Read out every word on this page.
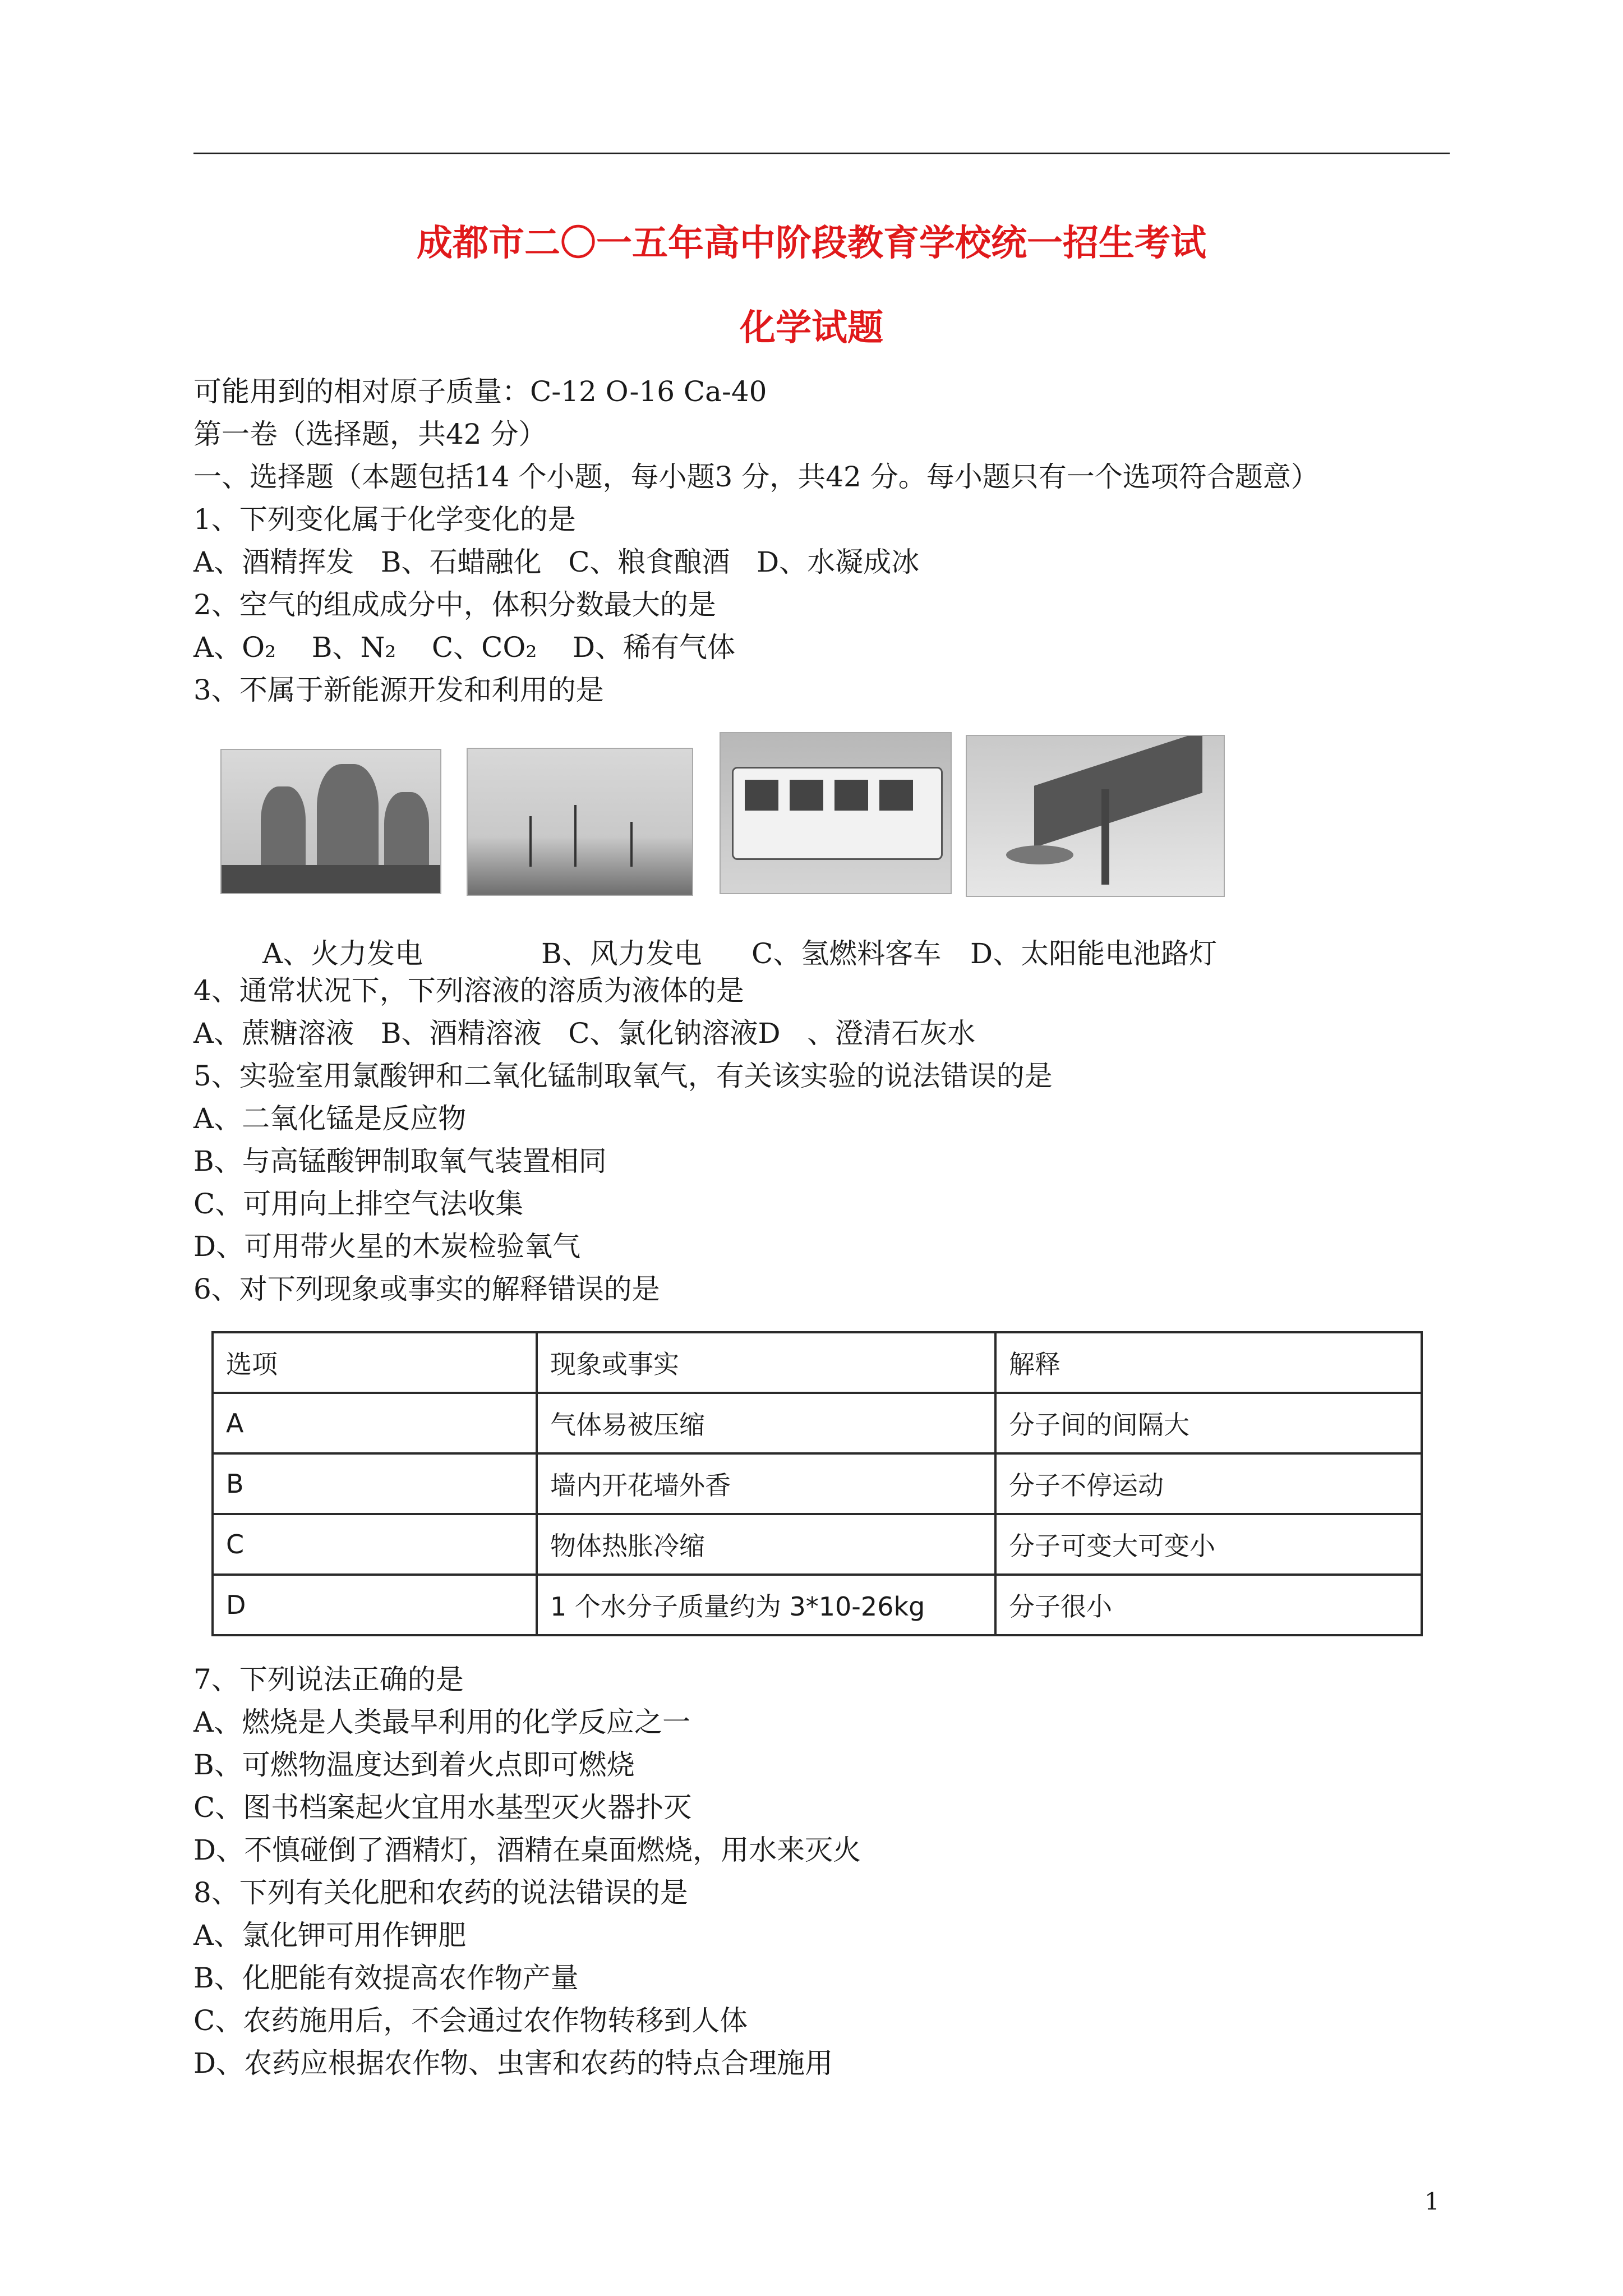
成都市二〇一五年高中阶段教育学校统一招生考试
化学试题
可能用到的相对原子质量：C-12 O-16 Ca-40
第一卷（选择题，共42 分）
一、选择题（本题包括14 个小题，每小题3 分，共42 分。每小题只有一个选项符合题意）
1、下列变化属于化学变化的是
A、酒精挥发   B、石蜡融化   C、粮食酿酒   D、水凝成冰
2、空气的组成成分中，体积分数最大的是
A、O₂    B、N₂    C、CO₂    D、稀有气体
3、不属于新能源开发和利用的是
A、火力发电	B、风力发电 C、氢燃料客车 D、太阳能电池路灯
4、通常状况下，下列溶液的溶质为液体的是
A、蔗糖溶液   B、酒精溶液   C、氯化钠溶液D   、澄清石灰水
5、实验室用氯酸钾和二氧化锰制取氧气，有关该实验的说法错误的是
A、二氧化锰是反应物
B、与高锰酸钾制取氧气装置相同
C、可用向上排空气法收集
D、可用带火星的木炭检验氧气
6、对下列现象或事实的解释错误的是
选项	现象或事实	解释
A	气体易被压缩	分子间的间隔大
B	墙内开花墙外香	分子不停运动
C	物体热胀冷缩	分子可变大可变小
D	1 个水分子质量约为 3*10-26kg	分子很小
7、下列说法正确的是
A、燃烧是人类最早利用的化学反应之一
B、可燃物温度达到着火点即可燃烧
C、图书档案起火宜用水基型灭火器扑灭
D、不慎碰倒了酒精灯，酒精在桌面燃烧，用水来灭火
8、下列有关化肥和农药的说法错误的是
A、氯化钾可用作钾肥
B、化肥能有效提高农作物产量
C、农药施用后，不会通过农作物转移到人体
D、农药应根据农作物、虫害和农药的特点合理施用
1
